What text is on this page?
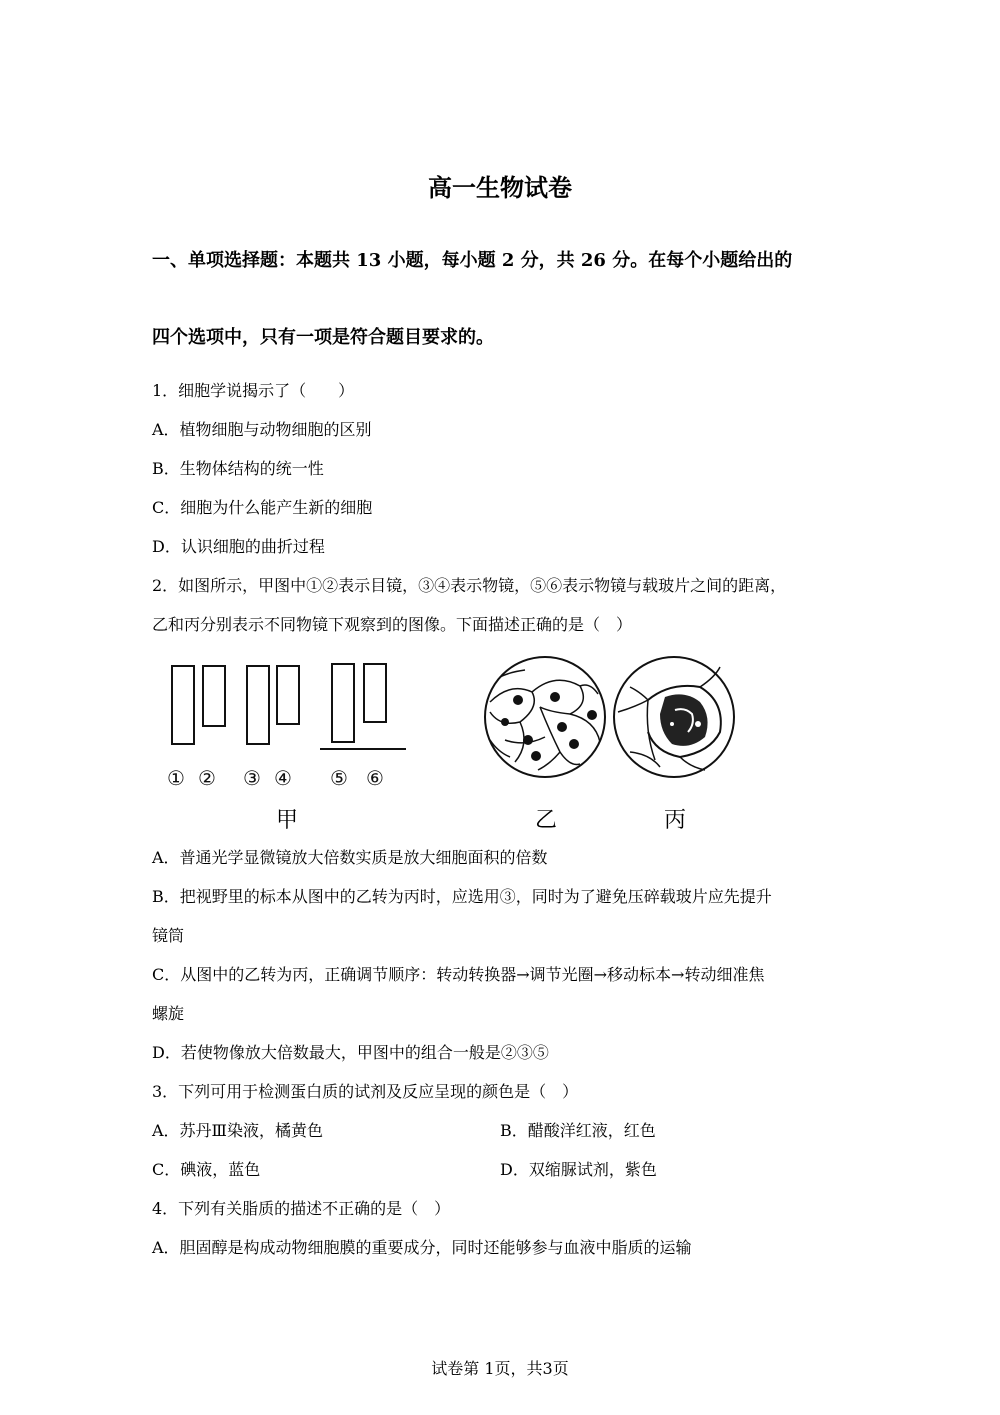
高一生物试卷
一、单项选择题：本题共 13 小题，每小题 2 分，共 26 分。在每个小题给出的
四个选项中，只有一项是符合题目要求的。
1．细胞学说揭示了（　　）
A．植物细胞与动物细胞的区别
B．生物体结构的统一性
C．细胞为什么能产生新的细胞
D．认识细胞的曲折过程
2．如图所示，甲图中①②表示目镜，③④表示物镜，⑤⑥表示物镜与载玻片之间的距离，
乙和丙分别表示不同物镜下观察到的图像。下面描述正确的是（　）
① ② ③ ④ ⑤ ⑥
甲	乙	丙
A．普通光学显微镜放大倍数实质是放大细胞面积的倍数
B．把视野里的标本从图中的乙转为丙时，应选用③，同时为了避免压碎载玻片应先提升
镜筒
C．从图中的乙转为丙，正确调节顺序：转动转换器→调节光圈→移动标本→转动细准焦
螺旋
D．若使物像放大倍数最大，甲图中的组合一般是②③⑤
3．下列可用于检测蛋白质的试剂及反应呈现的颜色是（　）
A．苏丹Ⅲ染液，橘黄色	B．醋酸洋红液，红色
C．碘液，蓝色	D．双缩脲试剂，紫色
4．下列有关脂质的描述不正确的是（　）
A．胆固醇是构成动物细胞膜的重要成分，同时还能够参与血液中脂质的运输
试卷第 1页，共3页
